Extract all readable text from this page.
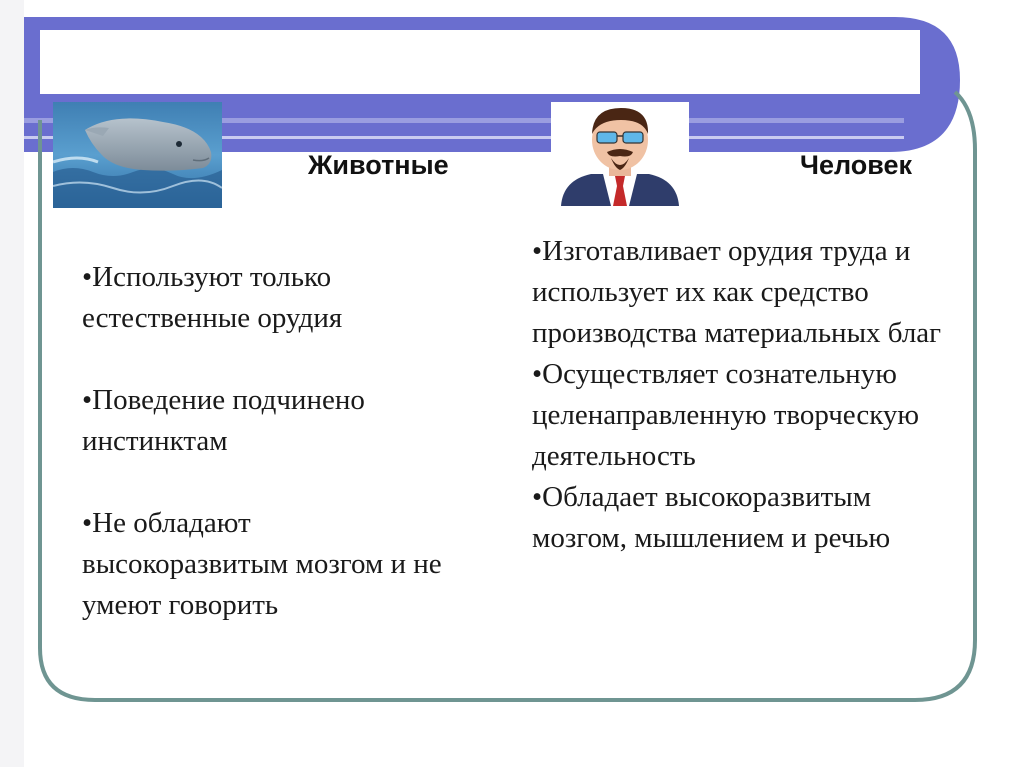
Животные	Человек
•Используют только естественные орудия
•Поведение подчинено инстинктам
•Не обладают высокоразвитым мозгом и не умеют говорить
•Изготавливает орудия труда и использует их как средство производства материальных благ
•Осуществляет сознательную целенаправленную творческую деятельность
•Обладает высокоразвитым мозгом, мышлением и речью
